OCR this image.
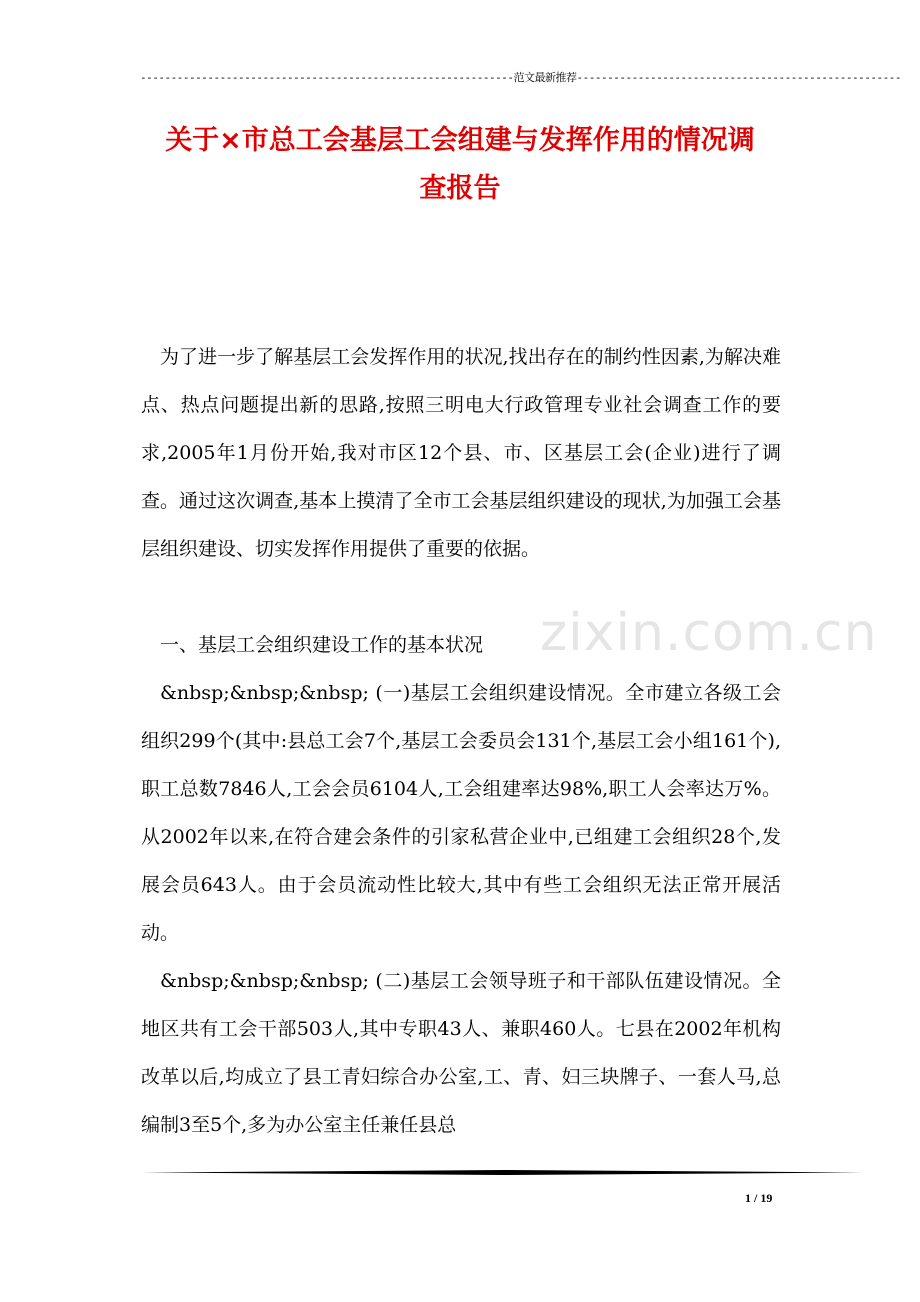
-------------------------------------------------------------范文最新推荐-----------------------------------------------------
关于×市总工会基层工会组建与发挥作用的情况调
查报告
zixin.com.cn

为了进一步了解基层工会发挥作用的状况,找出存在的制约性因素,为解决难点、热点问题提出新的思路,按照三明电大行政管理专业社会调查工作的要求,2005年1月份开始,我对市区12个县、市、区基层工会(企业)进行了调查。通过这次调查,基本上摸清了全市工会基层组织建设的现状,为加强工会基层组织建设、切实发挥作用提供了重要的依据。

一、基层工会组织建设工作的基本状况

&nbsp;&nbsp;&nbsp; (一)基层工会组织建设情况。全市建立各级工会组织299个(其中:县总工会7个,基层工会委员会131个,基层工会小组161个),职工总数7846人,工会会员6104人,工会组建率达98%,职工人会率达万%。从2002年以来,在符合建会条件的引家私营企业中,已组建工会组织28个,发展会员643人。由于会员流动性比较大,其中有些工会组织无法正常开展活动。

&nbsp;&nbsp;&nbsp; (二)基层工会领导班子和干部队伍建设情况。全地区共有工会干部503人,其中专职43人、兼职460人。七县在2002年机构改革以后,均成立了县工青妇综合办公室,工、青、妇三块牌子、一套人马,总编制3至5个,多为办公室主任兼任县总

1 / 19
